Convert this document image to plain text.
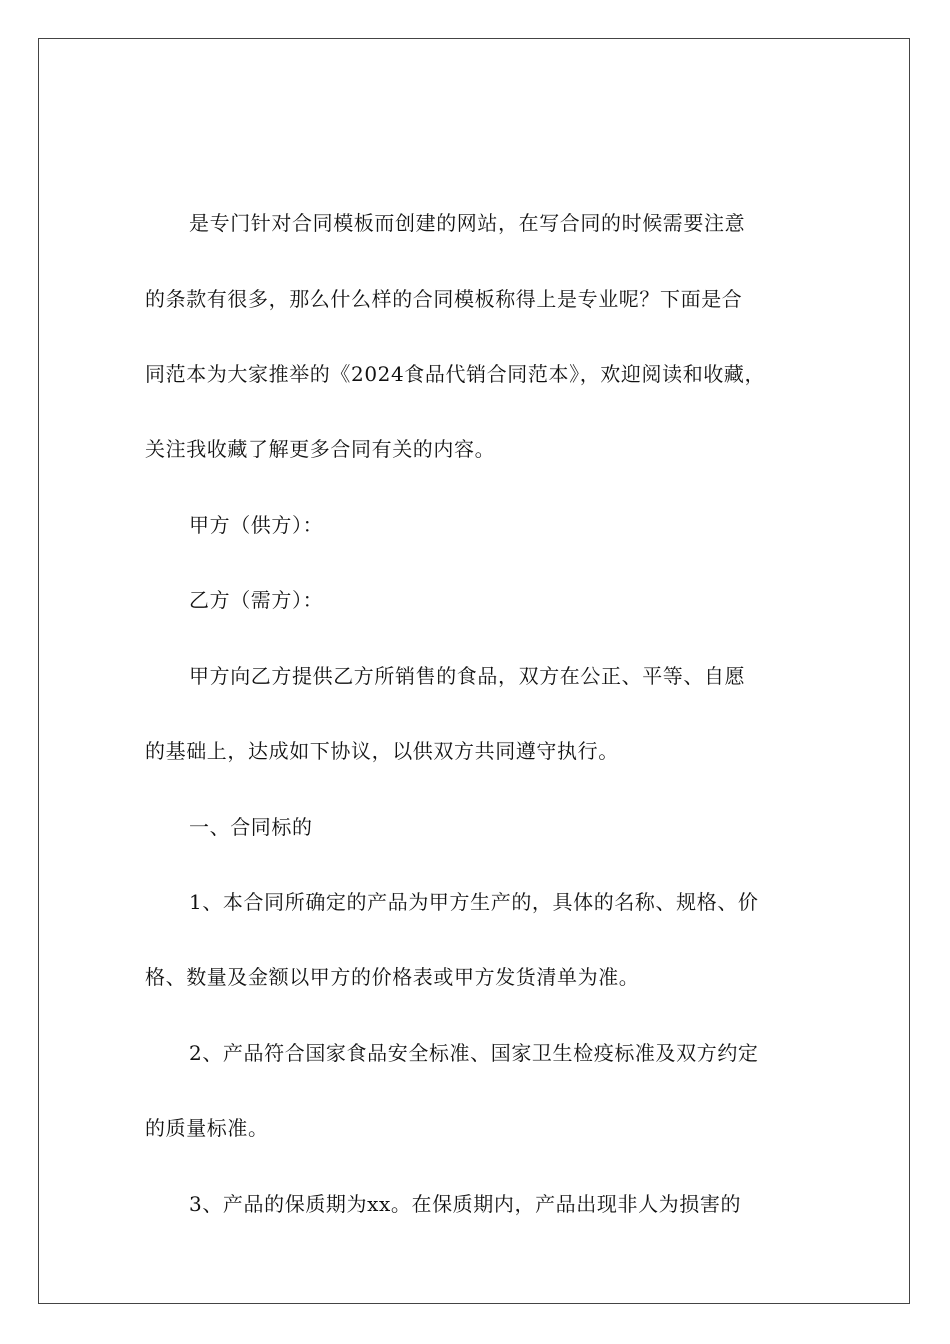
是专门针对合同模板而创建的网站，在写合同的时候需要注意
的条款有很多，那么什么样的合同模板称得上是专业呢？下面是合
同范本为大家推举的《2024食品代销合同范本》，欢迎阅读和收藏，
关注我收藏了解更多合同有关的内容。
甲方（供方）：
乙方（需方）：
甲方向乙方提供乙方所销售的食品，双方在公正、平等、自愿
的基础上，达成如下协议，以供双方共同遵守执行。
一、合同标的
1、本合同所确定的产品为甲方生产的，具体的名称、规格、价
格、数量及金额以甲方的价格表或甲方发货清单为准。
2、产品符合国家食品安全标准、国家卫生检疫标准及双方约定
的质量标准。
3、产品的保质期为xx。在保质期内，产品出现非人为损害的
